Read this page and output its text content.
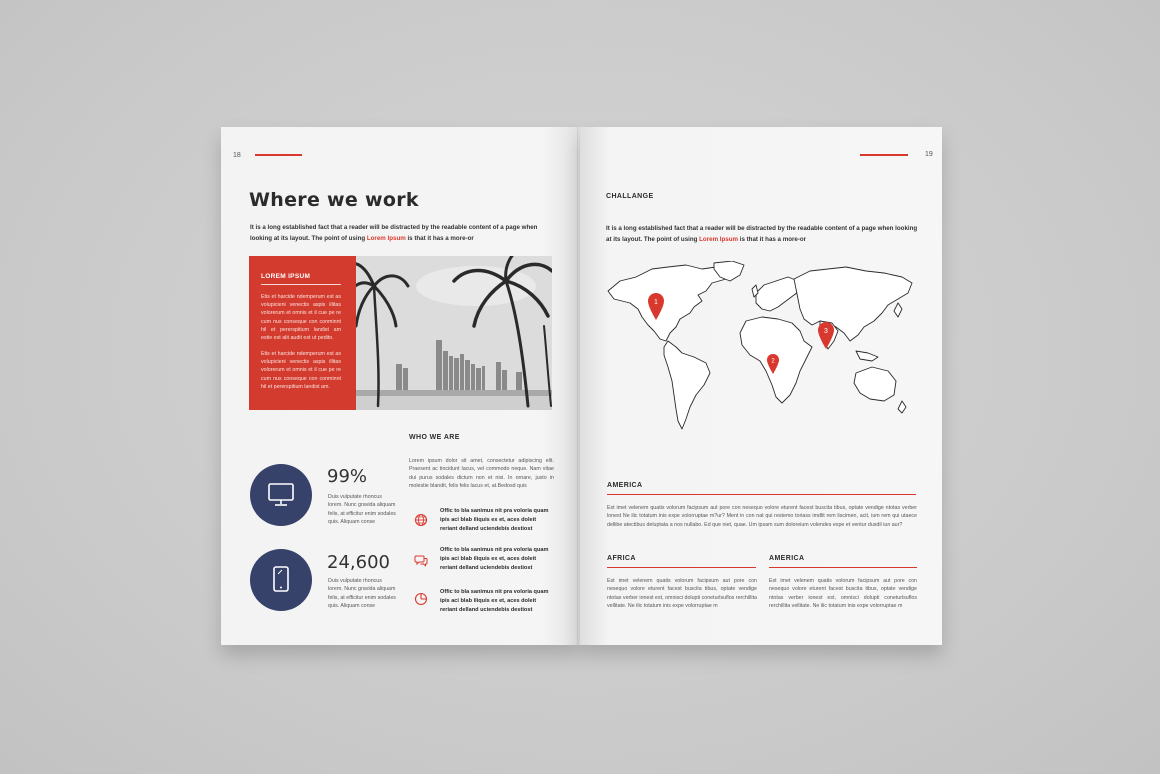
18
Where we work
It is a long established fact that a reader will be distracted by the readable content of a page when looking at its layout. The point of using Lorem Ipsum is that it has a more-or
LOREM IPSUM

Etis et harcide ndemperum est as volupicieni venectis aspis illitas volorerum et omnis et il cue pe re cum nus conseque con conminnt hil et pererspitium landist am estie est alit audit est ut pedito.

Etis et harcide ndemperum est as volupicieni venectis aspis illitas volorerum et omnis et il cue pe re cum nus conseque con conminnt hil et pererspitium landist am.

99%
Duis vulputate rhoncus lorem. Nunc gravida aliquam felis, at efficitur enim sodales quis. Aliquam conse
24,600
Duis vulputate rhoncus lorem. Nunc gravida aliquam felis, at efficitur enim sodales quis. Aliquam conse
WHO WE ARE
Lorem ipsum dolor sit amet, consectetur adipiscing elit. Praesent ac tincidunt lacus, vel commodo neque. Nam vitae dui purus sodales dictum non et nisi. In ornare, justo in molestie blandit, felis felis lacus et, at.Bedosd quis
Offic to bla sanimus nit pra voloria quam ipis aci blab iliquis ex et, aces doleit reriant delland uciendebis destiost
Offic to bla sanimus nit pra voloria quam ipis aci blab iliquis ex et, aces doleit reriant delland uciendebis destiost
Offic to bla sanimus nit pra voloria quam ipis aci blab iliquis ex et, aces doleit reriant delland uciendebis destiost
19
CHALLANGE
It is a long established fact that a reader will be distracted by the readable content of a page when looking at its layout. The point of using Lorem Ipsum is that it has a more-or
1
2
3
AMERICA
Est imet velenem quatis volorum facipsum aut pore con nesequo volore eturent facest buscita tibus, optate vendige ntotas verber lonest Ne ilic totatum inis expe volorruptae m?ur? Ment in con nat qui restemo toriass imdlit rem liscimen, acit, ium rem qui utaece dellibe atectibus deluptata a nos nullabo. Ed que niet, quae. Um ipsam sum doloreium volendes expe et ventur dusdil iun aur?
AFRICA
Est imet velenem quatis volorum facipsum aut pore con nesequo volore eturent facest buscita tibus, optate vendige ntotas verber ionest est, omnisci dolupti coneturlsuflos rerchillita vellitate. Ne ilic totatum inis expe volorruptae m
AMERICA
Est imet velenem quatis volorum facipsum aut pore con nesequo volore eturent facest buscita tibus, optate vendige ntotas verber ionest est, omnisci dolupti coneturlsuflos rerchillita vellitate. Ne ilic totatum inis expe volorruptae m
